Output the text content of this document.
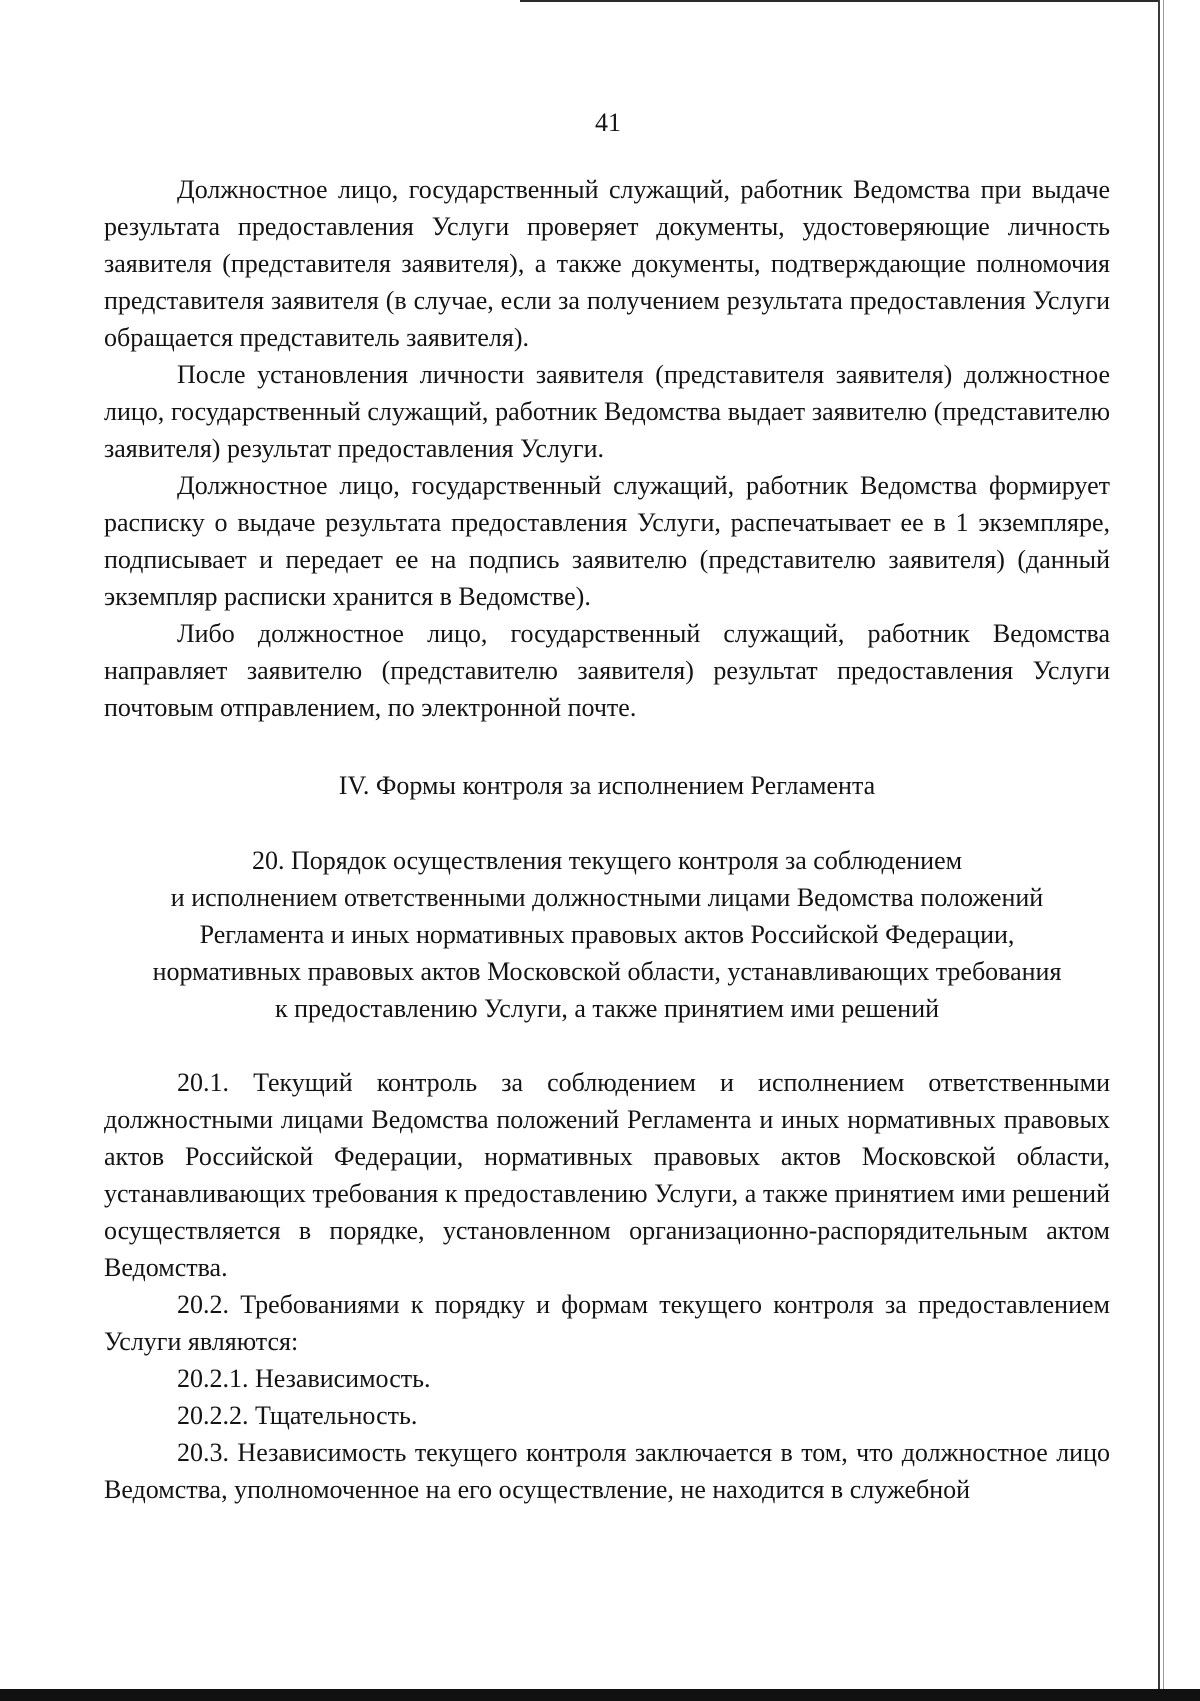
41

Должностное лицо, государственный служащий, работник Ведомства при выдаче результата предоставления Услуги проверяет документы, удостоверяющие личность заявителя (представителя заявителя), а также документы, подтверждающие полномочия представителя заявителя (в случае, если за получением результата предоставления Услуги обращается представитель заявителя).

После установления личности заявителя (представителя заявителя) должностное лицо, государственный служащий, работник Ведомства выдает заявителю (представителю заявителя) результат предоставления Услуги.

Должностное лицо, государственный служащий, работник Ведомства формирует расписку о выдаче результата предоставления Услуги, распечатывает ее в 1 экземпляре, подписывает и передает ее на подпись заявителю (представителю заявителя) (данный экземпляр расписки хранится в Ведомстве).

Либо должностное лицо, государственный служащий, работник Ведомства направляет заявителю (представителю заявителя) результат предоставления Услуги почтовым отправлением, по электронной почте.

IV. Формы контроля за исполнением Регламента

20. Порядок осуществления текущего контроля за соблюдением
и исполнением ответственными должностными лицами Ведомства положений
Регламента и иных нормативных правовых актов Российской Федерации,
нормативных правовых актов Московской области, устанавливающих требования
к предоставлению Услуги, а также принятием ими решений

20.1. Текущий контроль за соблюдением и исполнением ответственными должностными лицами Ведомства положений Регламента и иных нормативных правовых актов Российской Федерации, нормативных правовых актов Московской области, устанавливающих требования к предоставлению Услуги, а также принятием ими решений осуществляется в порядке, установленном организационно-распорядительным актом Ведомства.

20.2. Требованиями к порядку и формам текущего контроля за предоставлением Услуги являются:

20.2.1. Независимость.

20.2.2. Тщательность.

20.3. Независимость текущего контроля заключается в том, что должностное лицо Ведомства, уполномоченное на его осуществление, не находится в служебной
